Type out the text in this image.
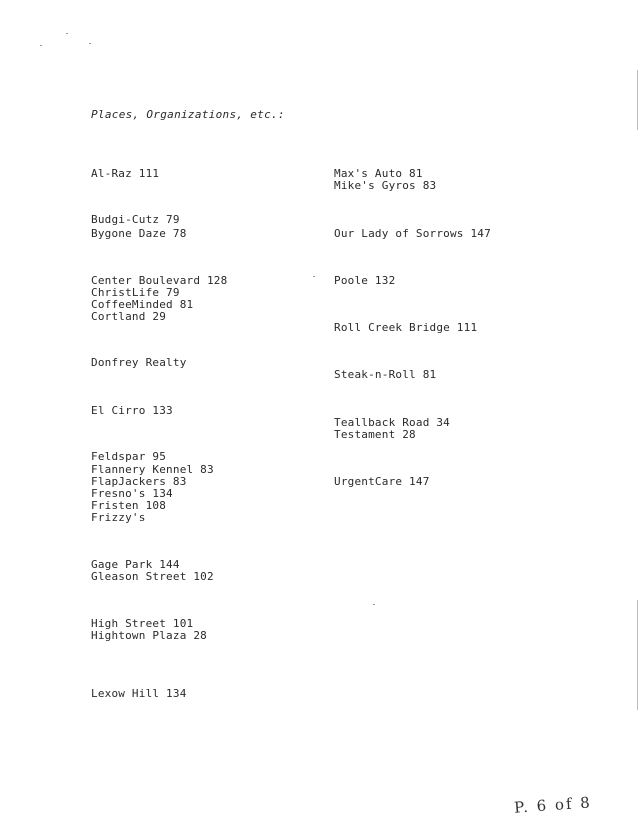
Places, Organizations, etc.:
Al-Raz 111
Budgi-Cutz 79
Bygone Daze 78
Center Boulevard 128
ChristLife 79
CoffeeMinded 81
Cortland 29
Donfrey Realty
El Cirro 133
Feldspar 95
Flannery Kennel 83
FlapJackers 83
Fresno's 134
Fristen 108
Frizzy's
Gage Park 144
Gleason Street 102
High Street 101
Hightown Plaza 28
Lexow Hill 134
Max's Auto 81
Mike's Gyros 83
Our Lady of Sorrows 147
Poole 132
Roll Creek Bridge 111
Steak-n-Roll 81
Teallback Road 34
Testament 28
UrgentCare 147
P. 6 of 8
